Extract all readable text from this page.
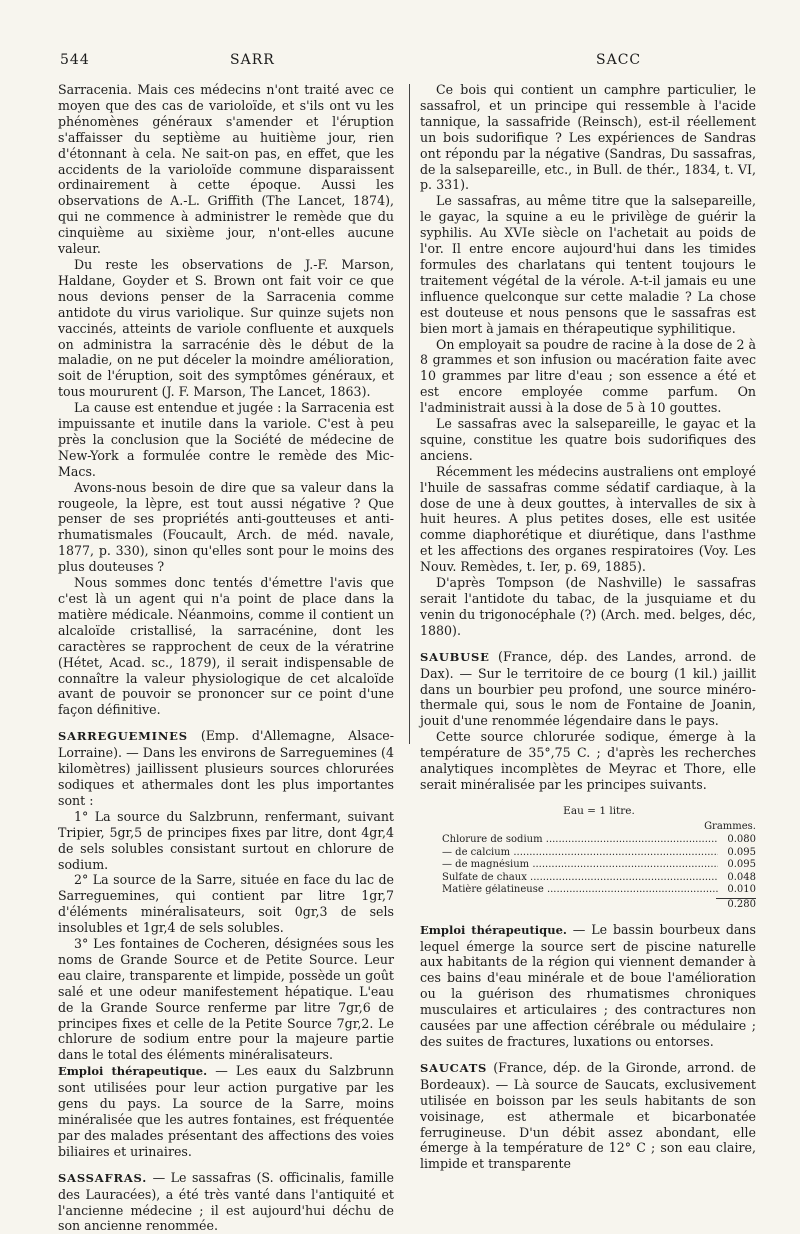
544	SARR	SACC

Sarracenia. Mais ces médecins n'ont traité avec ce moyen que des cas de varioloïde, et s'ils ont vu les phénomènes généraux s'amender et l'éruption s'affaisser du septième au huitième jour, rien d'étonnant à cela. Ne sait-on pas, en effet, que les accidents de la varioloïde commune disparaissent ordinairement à cette époque. Aussi les observations de A.-L. Griffith (The Lancet, 1874), qui ne commence à administrer le remède que du cinquième au sixième jour, n'ont-elles aucune valeur.

Du reste les observations de J.-F. Marson, Haldane, Goyder et S. Brown ont fait voir ce que nous devions penser de la Sarracenia comme antidote du virus variolique. Sur quinze sujets non vaccinés, atteints de variole confluente et auxquels on administra la sarracénie dès le début de la maladie, on ne put déceler la moindre amélioration, soit de l'éruption, soit des symptômes généraux, et tous moururent (J. F. Marson, The Lancet, 1863).

La cause est entendue et jugée : la Sarracenia est impuissante et inutile dans la variole. C'est à peu près la conclusion que la Société de médecine de New-York a formulée contre le remède des Mic-Macs.

Avons-nous besoin de dire que sa valeur dans la rougeole, la lèpre, est tout aussi négative ? Que penser de ses propriétés anti-goutteuses et anti-rhumatismales (Foucault, Arch. de méd. navale, 1877, p. 330), sinon qu'elles sont pour le moins des plus douteuses ?

Nous sommes donc tentés d'émettre l'avis que c'est là un agent qui n'a point de place dans la matière médicale. Néanmoins, comme il contient un alcaloïde cristallisé, la sarracénine, dont les caractères se rapprochent de ceux de la vératrine (Hétet, Acad. sc., 1879), il serait indispensable de connaître la valeur physiologique de cet alcaloïde avant de pouvoir se prononcer sur ce point d'une façon définitive.

SARREGUEMINES (Emp. d'Allemagne, Alsace-Lorraine). — Dans les environs de Sarreguemines (4 kilomètres) jaillissent plusieurs sources chlorurées sodiques et athermales dont les plus importantes sont :

1° La source du Salzbrunn, renfermant, suivant Tripier, 5gr,5 de principes fixes par litre, dont 4gr,4 de sels solubles consistant surtout en chlorure de sodium.

2° La source de la Sarre, située en face du lac de Sarreguemines, qui contient par litre 1gr,7 d'éléments minéralisateurs, soit 0gr,3 de sels insolubles et 1gr,4 de sels solubles.

3° Les fontaines de Cocheren, désignées sous les noms de Grande Source et de Petite Source. Leur eau claire, transparente et limpide, possède un goût salé et une odeur manifestement hépatique. L'eau de la Grande Source renferme par litre 7gr,6 de principes fixes et celle de la Petite Source 7gr,2. Le chlorure de sodium entre pour la majeure partie dans le total des éléments minéralisateurs.

Emploi thérapeutique. — Les eaux du Salzbrunn sont utilisées pour leur action purgative par les gens du pays. La source de la Sarre, moins minéralisée que les autres fontaines, est fréquentée par des malades présentant des affections des voies biliaires et urinaires.

SASSAFRAS. — Le sassafras (S. officinalis, famille des Lauracées), a été très vanté dans l'antiquité et l'ancienne médecine ; il est aujourd'hui déchu de son ancienne renommée.

Ce bois qui contient un camphre particulier, le sassafrol, et un principe qui ressemble à l'acide tannique, la sassafride (Reinsch), est-il réellement un bois sudorifique ? Les expériences de Sandras ont répondu par la négative (Sandras, Du sassafras, de la salsepareille, etc., in Bull. de thér., 1834, t. VI, p. 331).

Le sassafras, au même titre que la salsepareille, le gayac, la squine a eu le privilège de guérir la syphilis. Au XVIe siècle on l'achetait au poids de l'or. Il entre encore aujourd'hui dans les timides formules des charlatans qui tentent toujours le traitement végétal de la vérole. A-t-il jamais eu une influence quelconque sur cette maladie ? La chose est douteuse et nous pensons que le sassafras est bien mort à jamais en thérapeutique syphilitique.

On employait sa poudre de racine à la dose de 2 à 8 grammes et son infusion ou macération faite avec 10 grammes par litre d'eau ; son essence a été et est encore employée comme parfum. On l'administrait aussi à la dose de 5 à 10 gouttes.

Le sassafras avec la salsepareille, le gayac et la squine, constitue les quatre bois sudorifiques des anciens.

Récemment les médecins australiens ont employé l'huile de sassafras comme sédatif cardiaque, à la dose de une à deux gouttes, à intervalles de six à huit heures. A plus petites doses, elle est usitée comme diaphorétique et diurétique, dans l'asthme et les affections des organes respiratoires (Voy. Les Nouv. Remèdes, t. Ier, p. 69, 1885).

D'après Tompson (de Nashville) le sassafras serait l'antidote du tabac, de la jusquiame et du venin du trigonocéphale (?) (Arch. med. belges, déc, 1880).

SAUBUSE (France, dép. des Landes, arrond. de Dax). — Sur le territoire de ce bourg (1 kil.) jaillit dans un bourbier peu profond, une source minéro-thermale qui, sous le nom de Fontaine de Joanin, jouit d'une renommée légendaire dans le pays.

Cette source chlorurée sodique, émerge à la température de 35°,75 C. ; d'après les recherches analytiques incomplètes de Meyrac et Thore, elle serait minéralisée par les principes suivants.

Eau = 1 litre.
Grammes.
Chlorure de sodium .....	0.080
— de calcium .....	0.095
— de magnésium .....	0.095
Sulfate de chaux .....	0.048
Matière gélatineuse .....	0.010
0.280

Emploi thérapeutique. — Le bassin bourbeux dans lequel émerge la source sert de piscine naturelle aux habitants de la région qui viennent demander à ces bains d'eau minérale et de boue l'amélioration ou la guérison des rhumatismes chroniques musculaires et articulaires ; des contractures non causées par une affection cérébrale ou médulaire ; des suites de fractures, luxations ou entorses.

SAUCATS (France, dép. de la Gironde, arrond. de Bordeaux). — Là source de Saucats, exclusivement utilisée en boisson par les seuls habitants de son voisinage, est athermale et bicarbonatée ferrugineuse. D'un débit assez abondant, elle émerge à la température de 12° C ; son eau claire, limpide et transparente
